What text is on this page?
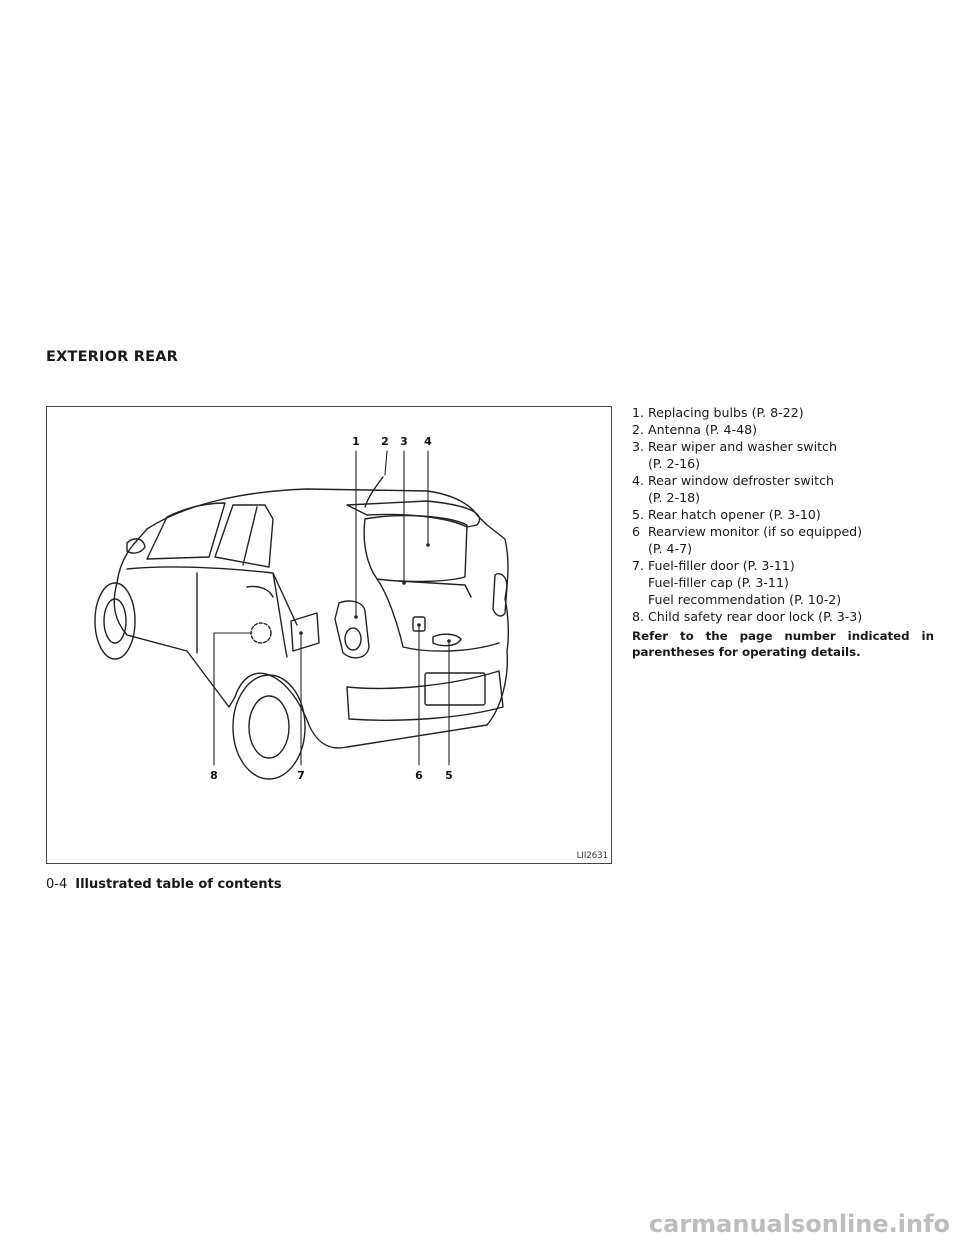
EXTERIOR REAR
1 2 3 4
8	7	6 5
LII2631
1. Replacing bulbs (P. 8-22)
2. Antenna (P. 4-48)
3. Rear wiper and washer switch
(P. 2-16)
4. Rear window defroster switch
(P. 2-18)
5. Rear hatch opener (P. 3-10)
6 Rearview monitor (if so equipped)
(P. 4-7)
7. Fuel-filler door (P. 3-11)
Fuel-filler cap (P. 3-11)
Fuel recommendation (P. 10-2)
8. Child safety rear door lock (P. 3-3)

Refer to the page number indicated in parentheses for operating details.

0-4 Illustrated table of contents
carmanualsonline.info
